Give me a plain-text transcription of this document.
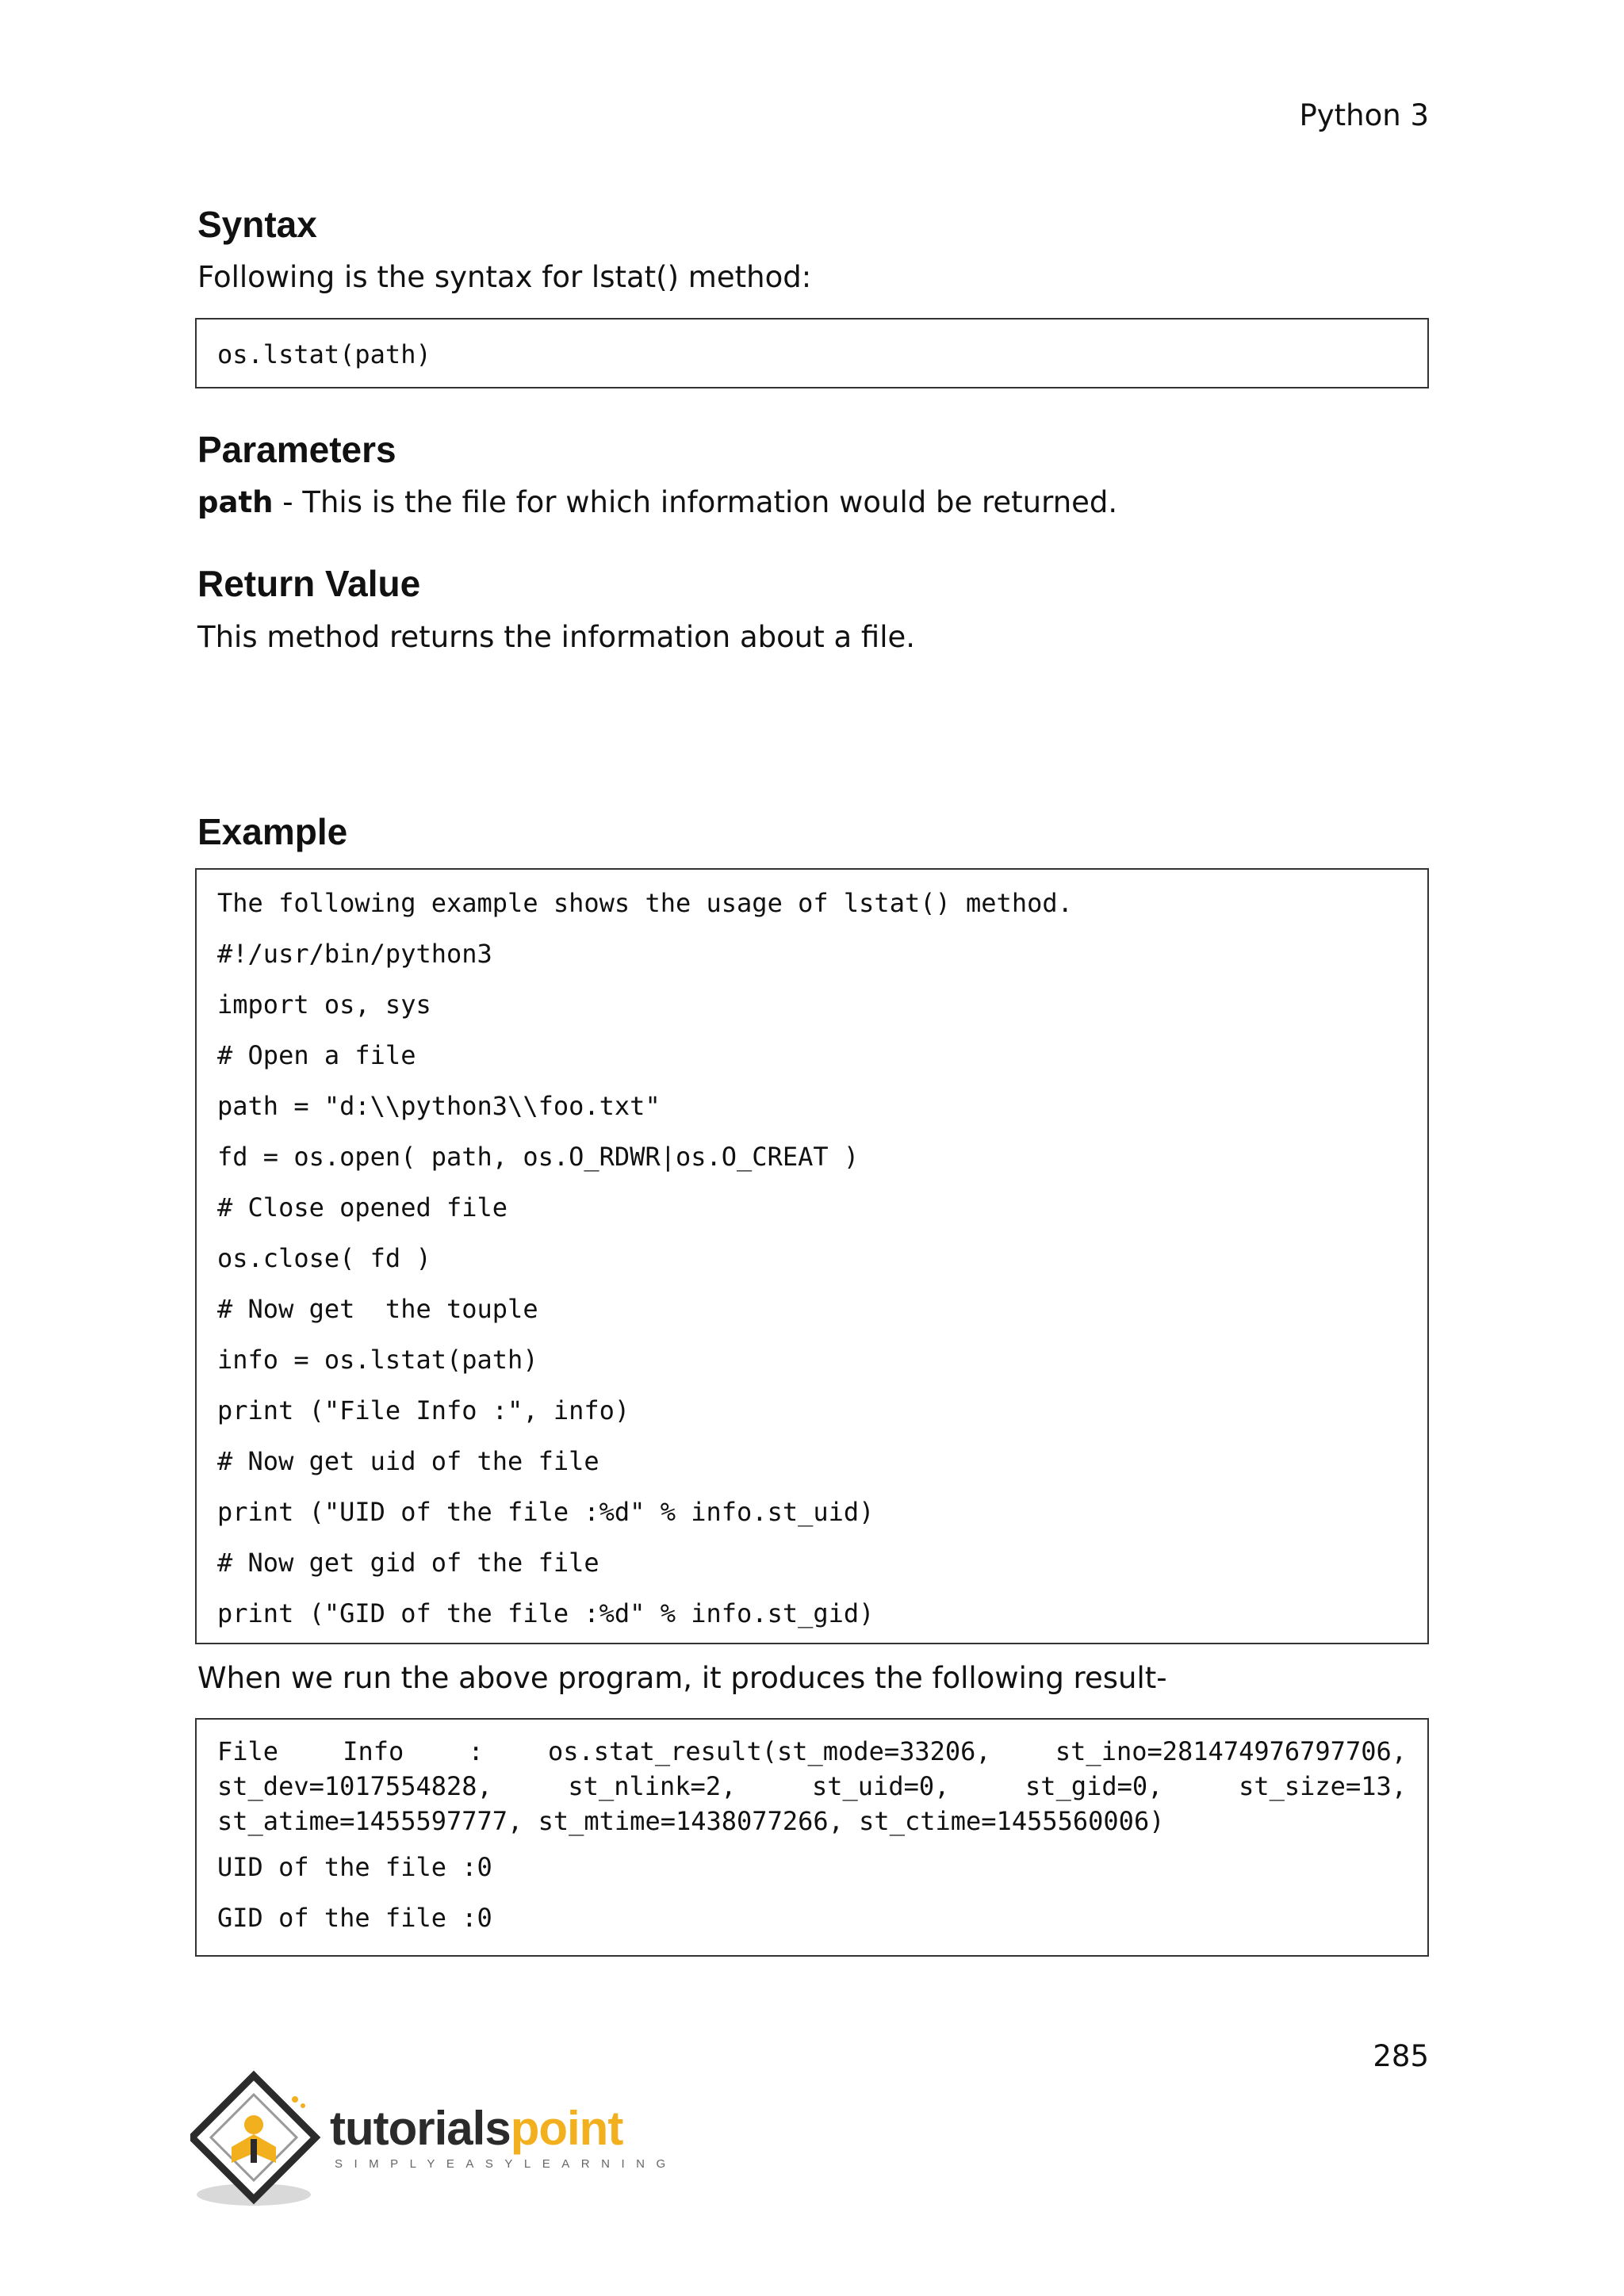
Python 3
Syntax

Following is the syntax for lstat() method:

os.lstat(path)
Parameters

path - This is the file for which information would be returned.

Return Value

This method returns the information about a file.

Example
The following example shows the usage of lstat() method.
#!/usr/bin/python3
import os, sys
# Open a file
path = "d:\\python3\\foo.txt"
fd = os.open( path, os.O_RDWR|os.O_CREAT )
# Close opened file
os.close( fd )
# Now get  the touple
info = os.lstat(path)
print ("File Info :", info)
# Now get uid of the file
print ("UID of the file :%d" % info.st_uid)
# Now get gid of the file
print ("GID of the file :%d" % info.st_gid)

When we run the above program, it produces the following result-

File Info : os.stat_result(st_mode=33206, st_ino=281474976797706, st_dev=1017554828, st_nlink=2, st_uid=0, st_gid=0, st_size=13, st_atime=1455597777, st_mtime=1438077266, st_ctime=1455560006)
UID of the file :0
GID of the file :0
285
tutorialspoint
SIMPLYEASYLEARNING
